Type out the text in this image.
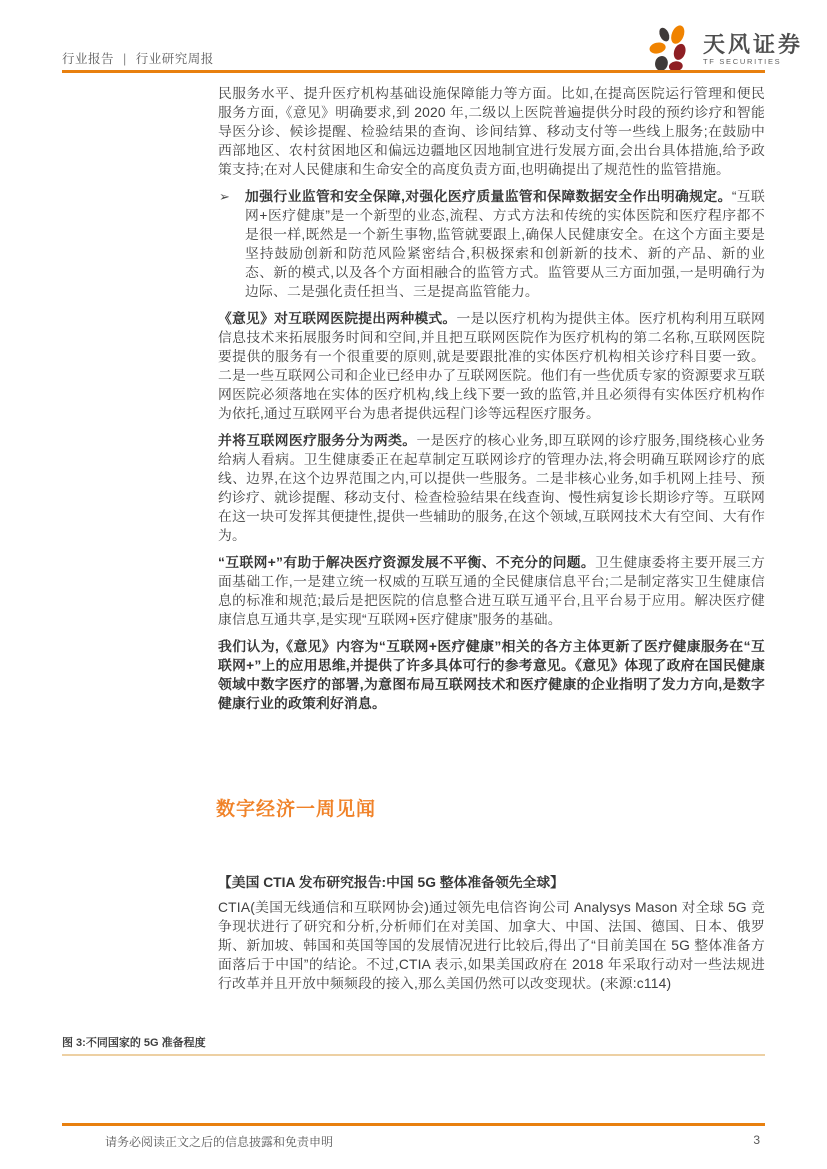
行业报告 | 行业研究周报
天风证券
TF SECURITIES

民服务水平、提升医疗机构基础设施保障能力等方面。比如,在提高医院运行管理和便民服务方面,《意见》明确要求,到 2020 年,二级以上医院普遍提供分时段的预约诊疗和智能导医分诊、候诊提醒、检验结果的查询、诊间结算、移动支付等一些线上服务;在鼓励中西部地区、农村贫困地区和偏远边疆地区因地制宜进行发展方面,会出台具体措施,给予政策支持;在对人民健康和生命安全的高度负责方面,也明确提出了规范性的监管措施。

➢ 加强行业监管和安全保障,对强化医疗质量监管和保障数据安全作出明确规定。“互联网+医疗健康”是一个新型的业态,流程、方式方法和传统的实体医院和医疗程序都不是很一样,既然是一个新生事物,监管就要跟上,确保人民健康安全。在这个方面主要是坚持鼓励创新和防范风险紧密结合,积极探索和创新新的技术、新的产品、新的业态、新的模式,以及各个方面相融合的监管方式。监管要从三方面加强,一是明确行为边际、二是强化责任担当、三是提高监管能力。

《意见》对互联网医院提出两种模式。一是以医疗机构为提供主体。医疗机构利用互联网信息技术来拓展服务时间和空间,并且把互联网医院作为医疗机构的第二名称,互联网医院要提供的服务有一个很重要的原则,就是要跟批准的实体医疗机构相关诊疗科目要一致。二是一些互联网公司和企业已经申办了互联网医院。他们有一些优质专家的资源要求互联网医院必须落地在实体的医疗机构,线上线下要一致的监管,并且必须得有实体医疗机构作为依托,通过互联网平台为患者提供远程门诊等远程医疗服务。

并将互联网医疗服务分为两类。一是医疗的核心业务,即互联网的诊疗服务,围绕核心业务给病人看病。卫生健康委正在起草制定互联网诊疗的管理办法,将会明确互联网诊疗的底线、边界,在这个边界范围之内,可以提供一些服务。二是非核心业务,如手机网上挂号、预约诊疗、就诊提醒、移动支付、检查检验结果在线查询、慢性病复诊长期诊疗等。互联网在这一块可发挥其便捷性,提供一些辅助的服务,在这个领域,互联网技术大有空间、大有作为。

“互联网+”有助于解决医疗资源发展不平衡、不充分的问题。卫生健康委将主要开展三方面基础工作,一是建立统一权威的互联互通的全民健康信息平台;二是制定落实卫生健康信息的标准和规范;最后是把医院的信息整合进互联互通平台,且平台易于应用。解决医疗健康信息互通共享,是实现“互联网+医疗健康”服务的基础。

我们认为,《意见》内容为“互联网+医疗健康”相关的各方主体更新了医疗健康服务在“互联网+”上的应用思维,并提供了许多具体可行的参考意见。《意见》体现了政府在国民健康领域中数字医疗的部署,为意图布局互联网技术和医疗健康的企业指明了发力方向,是数字健康行业的政策利好消息。

数字经济一周见闻
【美国 CTIA 发布研究报告:中国 5G 整体准备领先全球】
CTIA(美国无线通信和互联网协会)通过领先电信咨询公司 Analysys Mason 对全球 5G 竞争现状进行了研究和分析,分析师们在对美国、加拿大、中国、法国、德国、日本、俄罗斯、新加坡、韩国和英国等国的发展情况进行比较后,得出了“目前美国在 5G 整体准备方面落后于中国”的结论。不过,CTIA 表示,如果美国政府在 2018 年采取行动对一些法规进行改革并且开放中频频段的接入,那么美国仍然可以改变现状。(来源:c114)
图 3:不同国家的 5G 准备程度
请务必阅读正文之后的信息披露和免责申明	3
